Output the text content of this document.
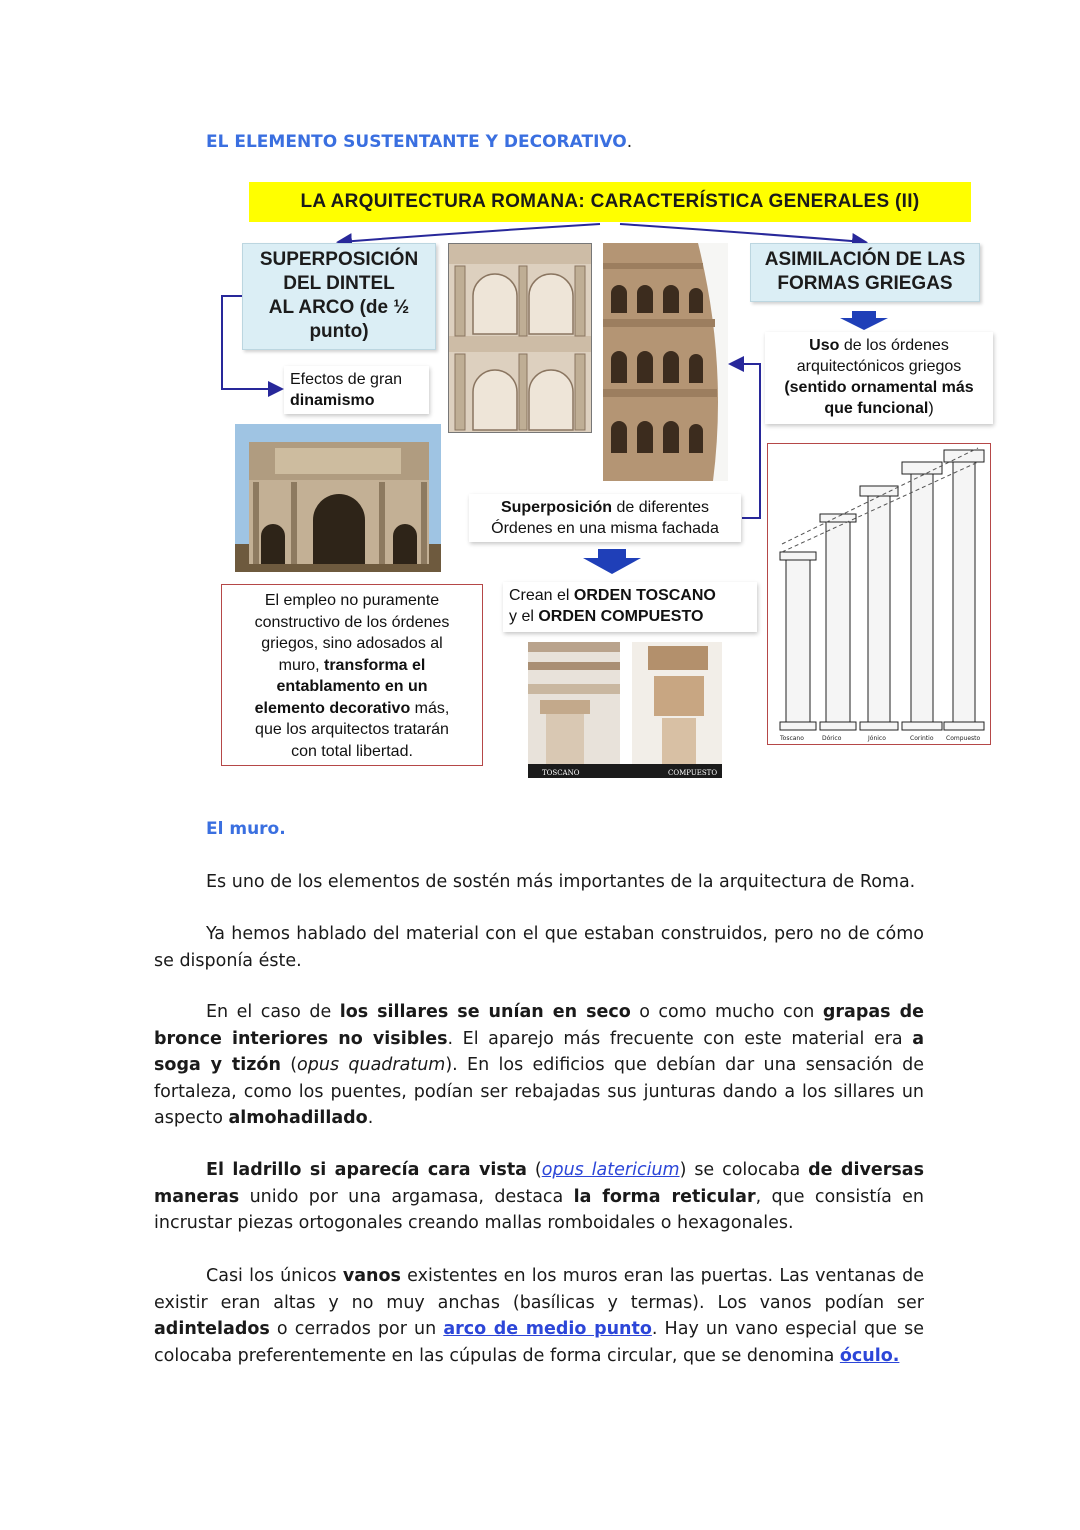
EL ELEMENTO SUSTENTANTE Y DECORATIVO.
LA ARQUITECTURA ROMANA: CARACTERÍSTICA GENERALES (II)
SUPERPOSICIÓN
DEL DINTEL
AL ARCO (de ½
punto)
ASIMILACIÓN DE LAS
FORMAS GRIEGAS
Efectos de gran
dinamismo
Uso de los órdenes
arquitectónicos griegos
(sentido ornamental más
que funcional)
Superposición de diferentes
Órdenes en una misma fachada
Crean el ORDEN TOSCANO
y el ORDEN COMPUESTO
El empleo no puramente
constructivo de los órdenes
griegos, sino adosados al
muro, transforma el
entablamento en un
elemento decorativo más,
que los arquitectos tratarán
con total libertad.
TOSCANO	COMPUESTO
Toscano	Dórico	Jónico	Corintio Compuesto
El muro.
Es uno de los elementos de sostén más importantes de la arquitectura de Roma.
Ya hemos hablado del material con el que estaban construidos, pero no de cómo se disponía éste.
En el caso de los sillares se unían en seco o como mucho con grapas de bronce interiores no visibles. El aparejo más frecuente con este material era a soga y tizón (opus quadratum). En los edificios que debían dar una sensación de fortaleza, como los puentes, podían ser rebajadas sus junturas dando a los sillares un aspecto almohadillado.
El ladrillo si aparecía cara vista (opus latericium) se colocaba de diversas maneras unido por una argamasa, destaca la forma reticular, que consistía en incrustar piezas ortogonales creando mallas romboidales o hexagonales.
Casi los únicos vanos existentes en los muros eran las puertas. Las ventanas de existir eran altas y no muy anchas (basílicas y termas). Los vanos podían ser adintelados o cerrados por un arco de medio punto. Hay un vano especial que se colocaba preferentemente en las cúpulas de forma circular, que se denomina óculo.
